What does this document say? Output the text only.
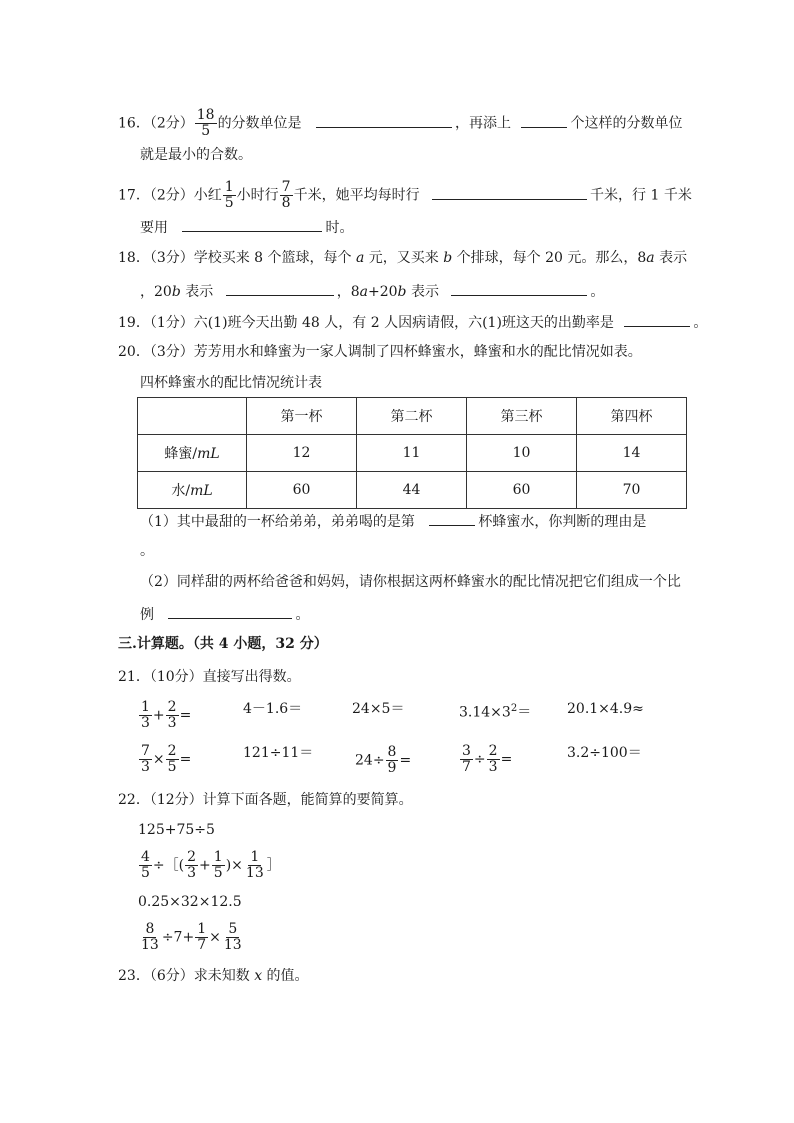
16．（2分） $\frac{18}{5}$ 的分数单位是	，再添上	个这样的分数单位
就是最小的合数。
17．（2分）小红 $\frac{1}{5}$ 小时行 $\frac{7}{8}$ 千米，她平均每时行	千米，行 1 千米
要用	时。
18．（3分）学校买来 8 个篮球，每个 a 元，又买来 b 个排球，每个 20 元。那么，8a 表示
，20b 表示	，8a+20b 表示	。
19．（1分）六(1)班今天出勤 48 人，有 2 人因病请假，六(1)班这天的出勤率是	。
20．（3分）芳芳用水和蜂蜜为一家人调制了四杯蜂蜜水，蜂蜜和水的配比情况如表。
四杯蜂蜜水的配比情况统计表
	第一杯	第二杯	第三杯	第四杯
蜂蜜/mL	12	11	10	14
水/mL	60	44	60	70
（1）其中最甜的一杯给弟弟，弟弟喝的是第	杯蜂蜜水，你判断的理由是
。
（2）同样甜的两杯给爸爸和妈妈，请你根据这两杯蜂蜜水的配比情况把它们组成一个比
例	。
三.计算题。（共 4 小题，32 分）
21．（10分）直接写出得数。
$\frac{1}{3} + \frac{2}{3}$ =	4－1.6＝	24×5＝	$3.14\times 3^2=$	20.1×4.9≈
$\frac{7}{3} \times \frac{2}{5}$ =	121÷11＝	$24\div \frac{8}{9}$ =	$\frac{3}{7} \div \frac{2}{3}$ =	3.2÷100＝
22．（12分）计算下面各题，能简算的要简算。
125+75÷5
$\frac{4}{5}$ ÷［( $\frac{2}{3} + \frac{1}{5}$ )× $\frac{1}{13}$ ］
0.25×32×12.5
$\frac{8}{13} \div 7+ \frac{1}{7} \times \frac{5}{13}$
23．（6分）求未知数 x 的值。
